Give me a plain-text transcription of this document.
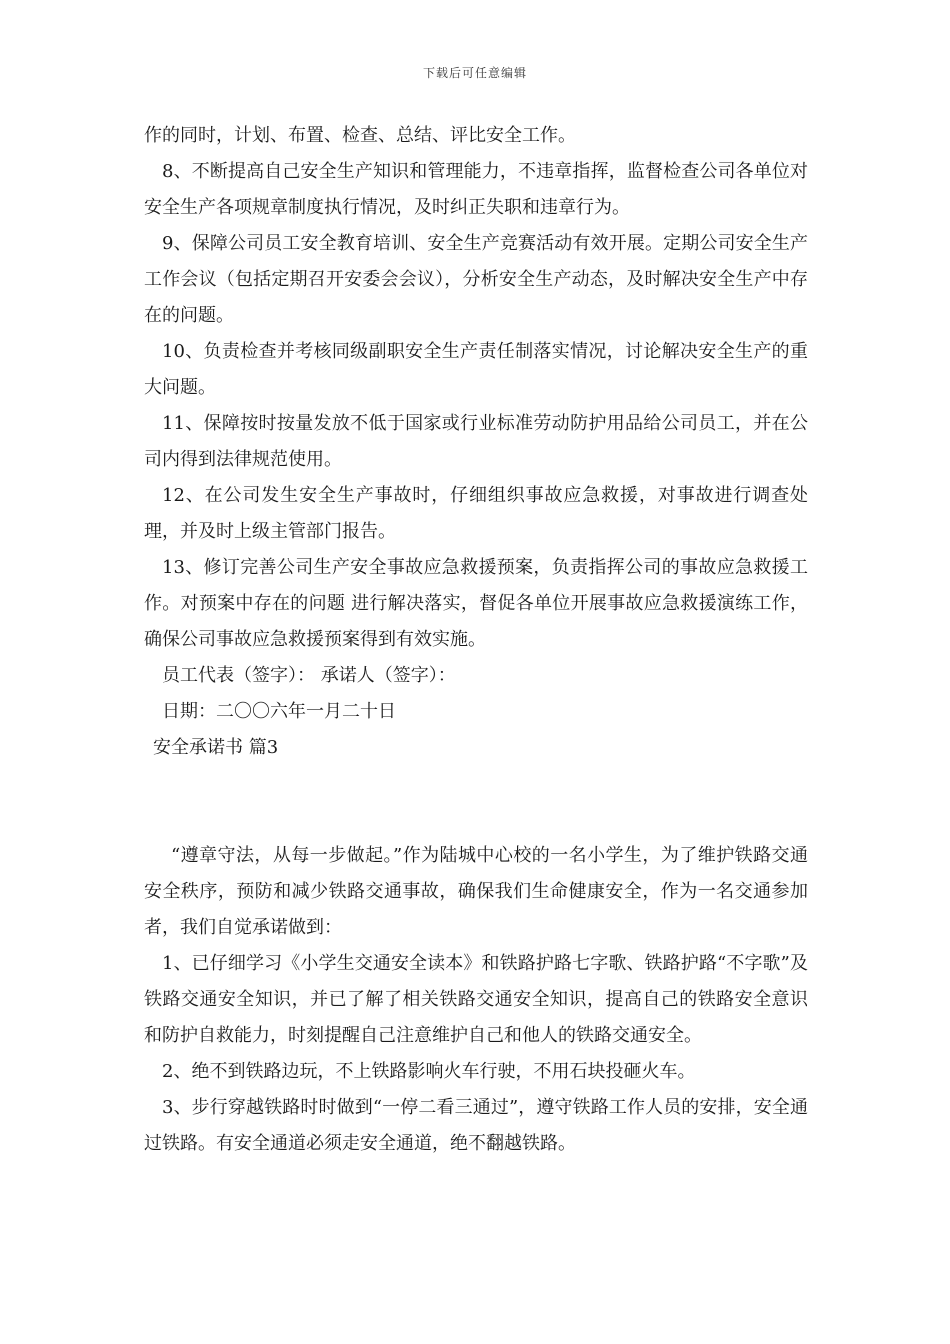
下载后可任意编辑

作的同时，计划、布置、检查、总结、评比安全工作。

8、不断提高自己安全生产知识和管理能力，不违章指挥，监督检查公司各单位对安全生产各项规章制度执行情况，及时纠正失职和违章行为。

9、保障公司员工安全教育培训、安全生产竞赛活动有效开展。定期公司安全生产工作会议（包括定期召开安委会会议），分析安全生产动态，及时解决安全生产中存在的问题。

10、负责检查并考核同级副职安全生产责任制落实情况，讨论解决安全生产的重大问题。

11、保障按时按量发放不低于国家或行业标准劳动防护用品给公司员工，并在公司内得到法律规范使用。

12、在公司发生安全生产事故时，仔细组织事故应急救援，对事故进行调查处理，并及时上级主管部门报告。

13、修订完善公司生产安全事故应急救援预案，负责指挥公司的事故应急救援工作。对预案中存在的问题 进行解决落实，督促各单位开展事故应急救援演练工作，确保公司事故应急救援预案得到有效实施。

员工代表（签字）： 承诺人（签字）：

日期：二〇〇六年一月二十日

安全承诺书 篇3

“遵章守法，从每一步做起。”作为陆城中心校的一名小学生，为了维护铁路交通安全秩序，预防和减少铁路交通事故，确保我们生命健康安全，作为一名交通参加者，我们自觉承诺做到：

1、已仔细学习《小学生交通安全读本》和铁路护路七字歌、铁路护路“不字歌”及铁路交通安全知识，并已了解了相关铁路交通安全知识，提高自己的铁路安全意识和防护自救能力，时刻提醒自己注意维护自己和他人的铁路交通安全。

2、绝不到铁路边玩，不上铁路影响火车行驶，不用石块投砸火车。

3、步行穿越铁路时时做到“一停二看三通过”，遵守铁路工作人员的安排，安全通过铁路。有安全通道必须走安全通道，绝不翻越铁路。
